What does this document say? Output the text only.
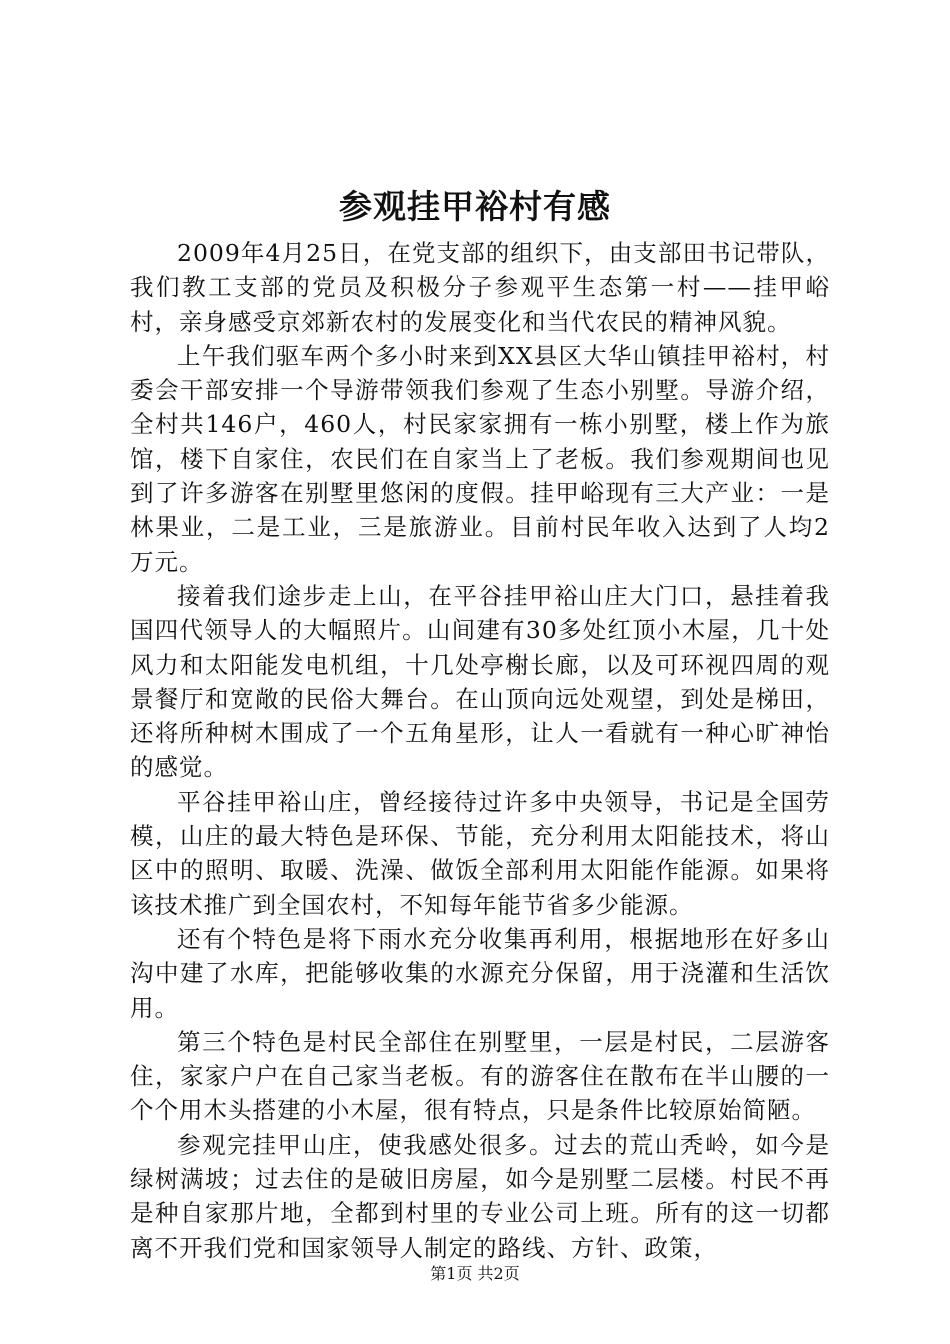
参观挂甲裕村有感

2009年4月25日，在党支部的组织下，由支部田书记带队，我们教工支部的党员及积极分子参观平生态第一村——挂甲峪村，亲身感受京郊新农村的发展变化和当代农民的精神风貌。

上午我们驱车两个多小时来到XX县区大华山镇挂甲裕村，村委会干部安排一个导游带领我们参观了生态小别墅。导游介绍，全村共146户，460人，村民家家拥有一栋小别墅，楼上作为旅馆，楼下自家住，农民们在自家当上了老板。我们参观期间也见到了许多游客在别墅里悠闲的度假。挂甲峪现有三大产业：一是林果业，二是工业，三是旅游业。目前村民年收入达到了人均2万元。

接着我们途步走上山，在平谷挂甲裕山庄大门口，悬挂着我国四代领导人的大幅照片。山间建有30多处红顶小木屋，几十处风力和太阳能发电机组，十几处亭榭长廊，以及可环视四周的观景餐厅和宽敞的民俗大舞台。在山顶向远处观望，到处是梯田，还将所种树木围成了一个五角星形，让人一看就有一种心旷神怡的感觉。

平谷挂甲裕山庄，曾经接待过许多中央领导，书记是全国劳模，山庄的最大特色是环保、节能，充分利用太阳能技术，将山区中的照明、取暖、洗澡、做饭全部利用太阳能作能源。如果将该技术推广到全国农村，不知每年能节省多少能源。

还有个特色是将下雨水充分收集再利用，根据地形在好多山沟中建了水库，把能够收集的水源充分保留，用于浇灌和生活饮用。

第三个特色是村民全部住在别墅里，一层是村民，二层游客住，家家户户在自己家当老板。有的游客住在散布在半山腰的一个个用木头搭建的小木屋，很有特点，只是条件比较原始简陋。

参观完挂甲山庄，使我感处很多。过去的荒山秃岭，如今是绿树满坡；过去住的是破旧房屋，如今是别墅二层楼。村民不再是种自家那片地，全都到村里的专业公司上班。所有的这一切都离不开我们党和国家领导人制定的路线、方针、政策，

第1页 共2页
